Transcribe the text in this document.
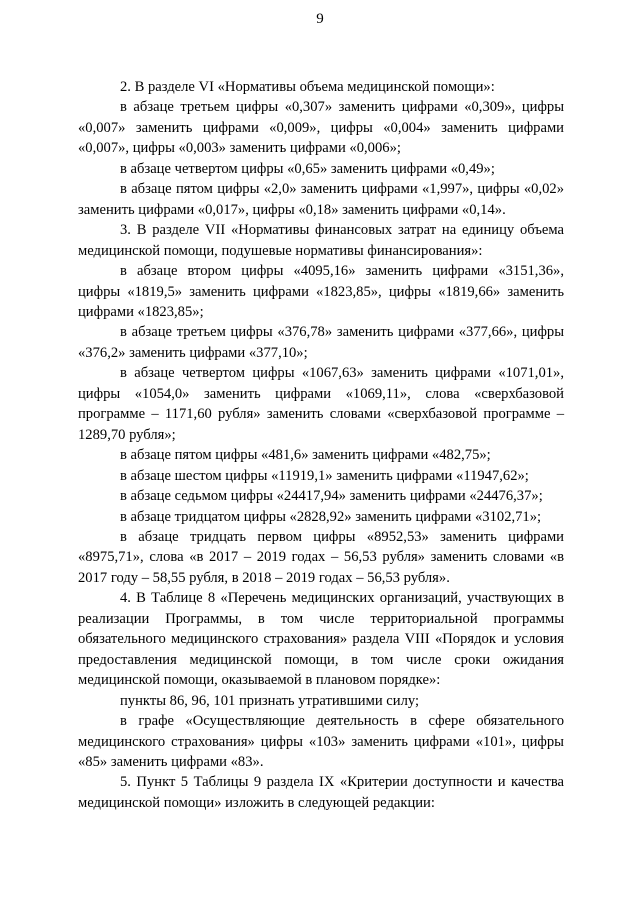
9

2. В разделе VI «Нормативы объема медицинской помощи»:

в абзаце третьем цифры «0,307» заменить цифрами «0,309», цифры «0,007» заменить цифрами «0,009», цифры «0,004» заменить цифрами «0,007», цифры «0,003» заменить цифрами «0,006»;

в абзаце четвертом цифры «0,65» заменить цифрами «0,49»;

в абзаце пятом цифры «2,0» заменить цифрами «1,997», цифры «0,02» заменить цифрами «0,017», цифры «0,18» заменить цифрами «0,14».

3. В разделе VII «Нормативы финансовых затрат на единицу объема медицинской помощи, подушевые нормативы финансирования»:

в абзаце втором цифры «4095,16» заменить цифрами «3151,36», цифры «1819,5» заменить цифрами «1823,85», цифры «1819,66» заменить цифрами «1823,85»;

в абзаце третьем цифры «376,78» заменить цифрами «377,66», цифры «376,2» заменить цифрами «377,10»;

в абзаце четвертом цифры «1067,63» заменить цифрами «1071,01», цифры «1054,0» заменить цифрами «1069,11», слова «сверхбазовой программе – 1171,60 рубля» заменить словами «сверхбазовой программе – 1289,70 рубля»;

в абзаце пятом цифры «481,6» заменить цифрами «482,75»;

в абзаце шестом цифры «11919,1» заменить цифрами «11947,62»;

в абзаце седьмом цифры «24417,94» заменить цифрами «24476,37»;

в абзаце тридцатом цифры «2828,92» заменить цифрами «3102,71»;

в абзаце тридцать первом цифры «8952,53» заменить цифрами «8975,71», слова «в 2017 – 2019 годах – 56,53 рубля» заменить словами «в 2017 году – 58,55 рубля, в 2018 – 2019 годах – 56,53 рубля».

4. В Таблице 8 «Перечень медицинских организаций, участвующих в реализации Программы, в том числе территориальной программы обязательного медицинского страхования» раздела VIII «Порядок и условия предоставления медицинской помощи, в том числе сроки ожидания медицинской помощи, оказываемой в плановом порядке»:

пункты 86, 96, 101 признать утратившими силу;

в графе «Осуществляющие деятельность в сфере обязательного медицинского страхования» цифры «103» заменить цифрами «101», цифры «85» заменить цифрами «83».

5. Пункт 5 Таблицы 9 раздела IX «Критерии доступности и качества медицинской помощи» изложить в следующей редакции:
